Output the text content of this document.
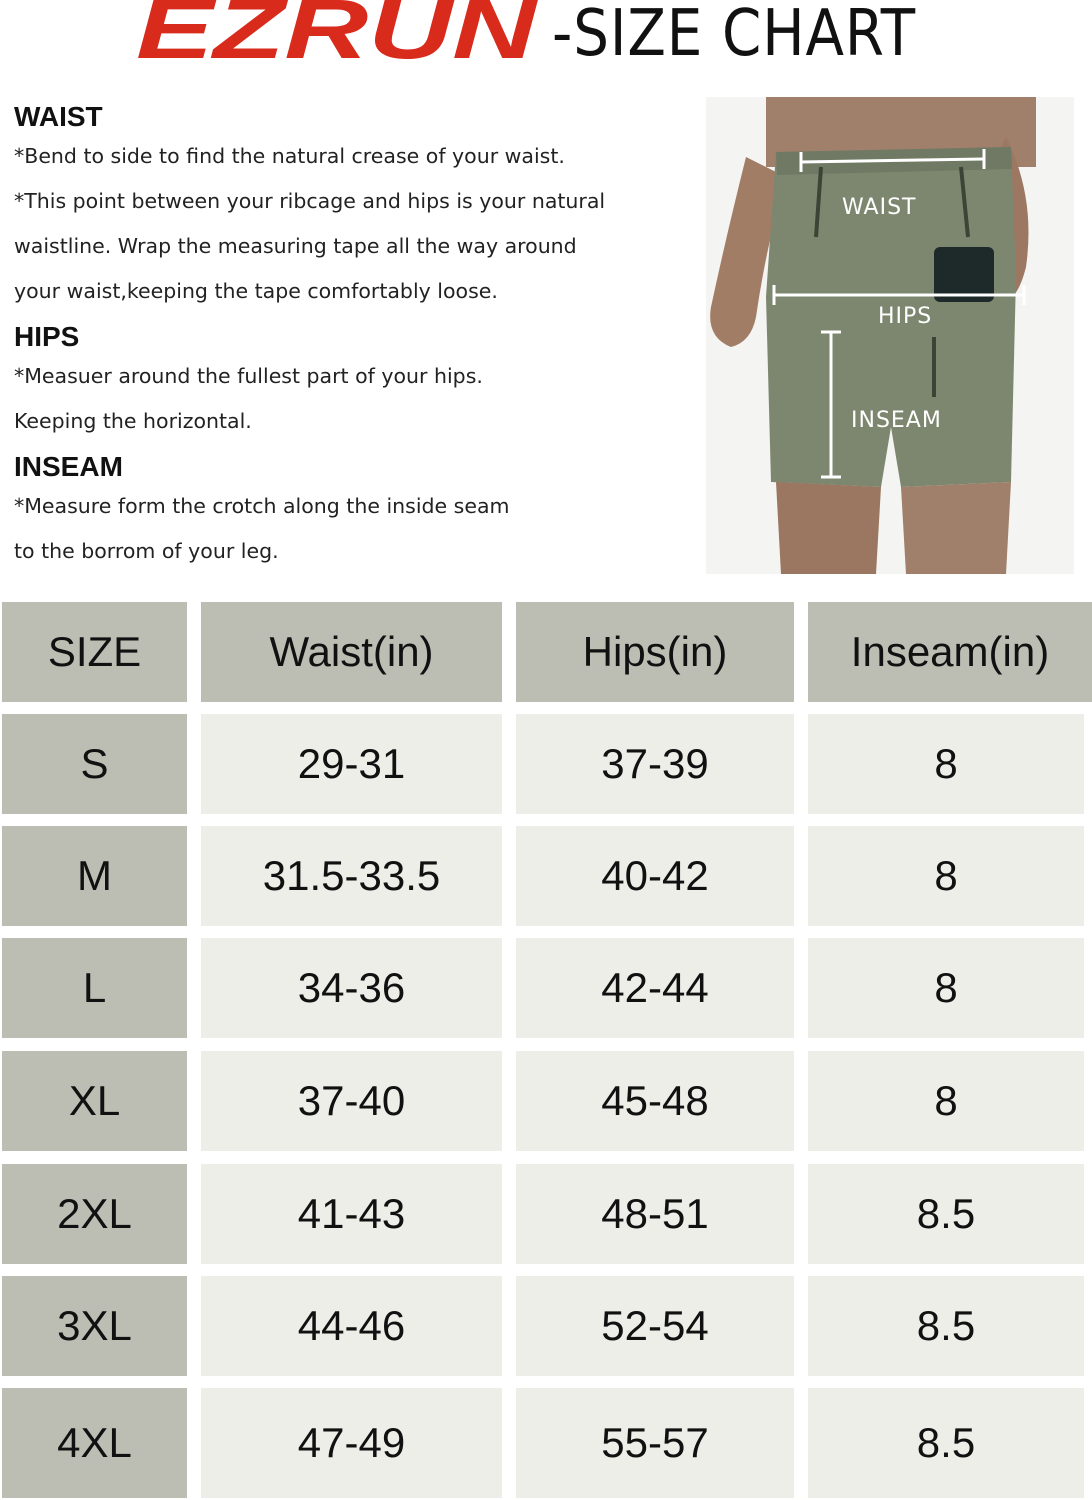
EZRUN -SIZE CHART
WAIST
*Bend to side to find the natural crease of your waist.
*This point between your ribcage and hips is your natural
waistline. Wrap the measuring tape all the way around
your waist,keeping the tape comfortably loose.
HIPS
*Measuer around the fullest part of your hips.
Keeping the horizontal.
INSEAM
*Measure form the crotch along the inside seam
to the borrom of your leg.
WAIST
HIPS
INSEAM
SIZE	Waist(in)	Hips(in)	Inseam(in)
S	29-31	37-39	8
M	31.5-33.5	40-42	8
L	34-36	42-44	8
XL	37-40	45-48	8
2XL	41-43	48-51	8.5
3XL	44-46	52-54	8.5
4XL	47-49	55-57	8.5
